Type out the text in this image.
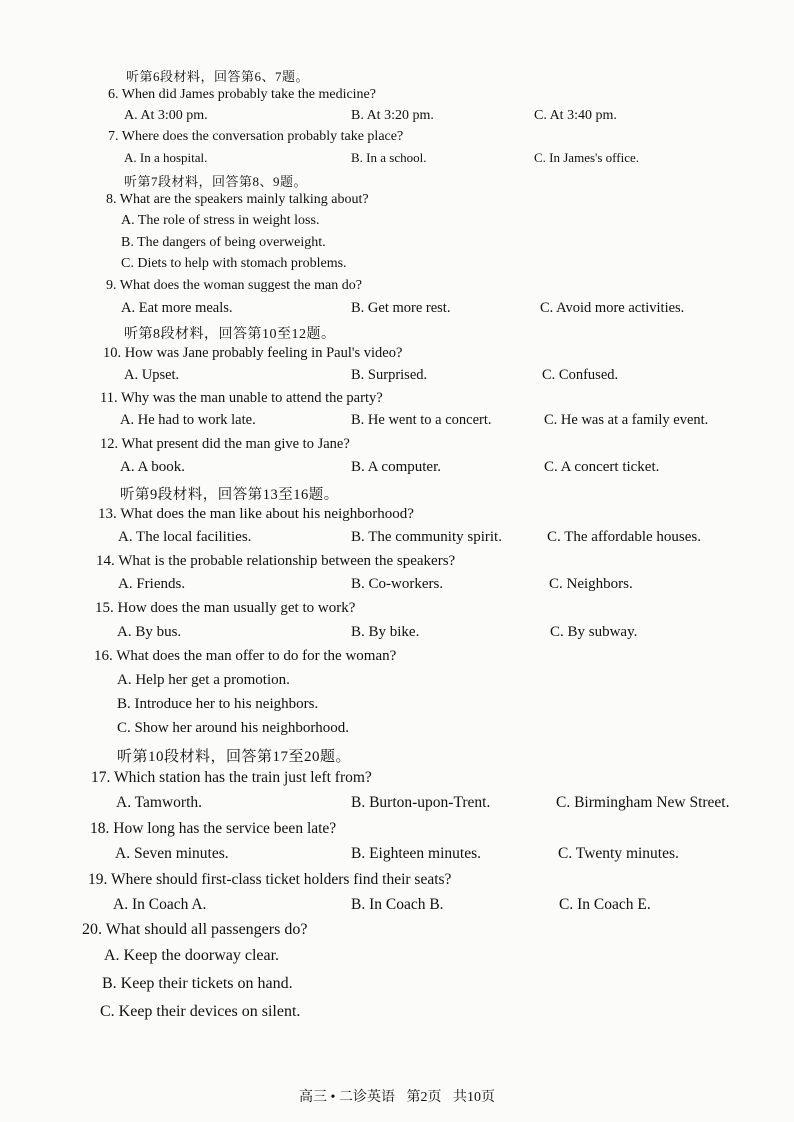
听第6段材料，回答第6、7题。
6. When did James probably take the medicine?
A. At 3:00 pm.	B. At 3:20 pm.	C. At 3:40 pm.
7. Where does the conversation probably take place?
A. In a hospital.	B. In a school.	C. In James's office.
听第7段材料，回答第8、9题。
8. What are the speakers mainly talking about?
A. The role of stress in weight loss.
B. The dangers of being overweight.
C. Diets to help with stomach problems.
9. What does the woman suggest the man do?
A. Eat more meals.	B. Get more rest.	C. Avoid more activities.
听第8段材料，回答第10至12题。
10. How was Jane probably feeling in Paul's video?
A. Upset.	B. Surprised.	C. Confused.
11. Why was the man unable to attend the party?
A. He had to work late.	B. He went to a concert.	C. He was at a family event.
12. What present did the man give to Jane?
A. A book.	B. A computer.	C. A concert ticket.
听第9段材料，回答第13至16题。
13. What does the man like about his neighborhood?
A. The local facilities.	B. The community spirit.	C. The affordable houses.
14. What is the probable relationship between the speakers?
A. Friends.	B. Co-workers.	C. Neighbors.
15. How does the man usually get to work?
A. By bus.	B. By bike.	C. By subway.
16. What does the man offer to do for the woman?
A. Help her get a promotion.
B. Introduce her to his neighbors.
C. Show her around his neighborhood.
听第10段材料，回答第17至20题。
17. Which station has the train just left from?
A. Tamworth.	B. Burton-upon-Trent.	C. Birmingham New Street.
18. How long has the service been late?
A. Seven minutes.	B. Eighteen minutes.	C. Twenty minutes.
19. Where should first-class ticket holders find their seats?
A. In Coach A.	B. In Coach B.	C. In Coach E.
20. What should all passengers do?
A. Keep the doorway clear.
B. Keep their tickets on hand.
C. Keep their devices on silent.
高三 • 二诊英语 第2页 共10页
